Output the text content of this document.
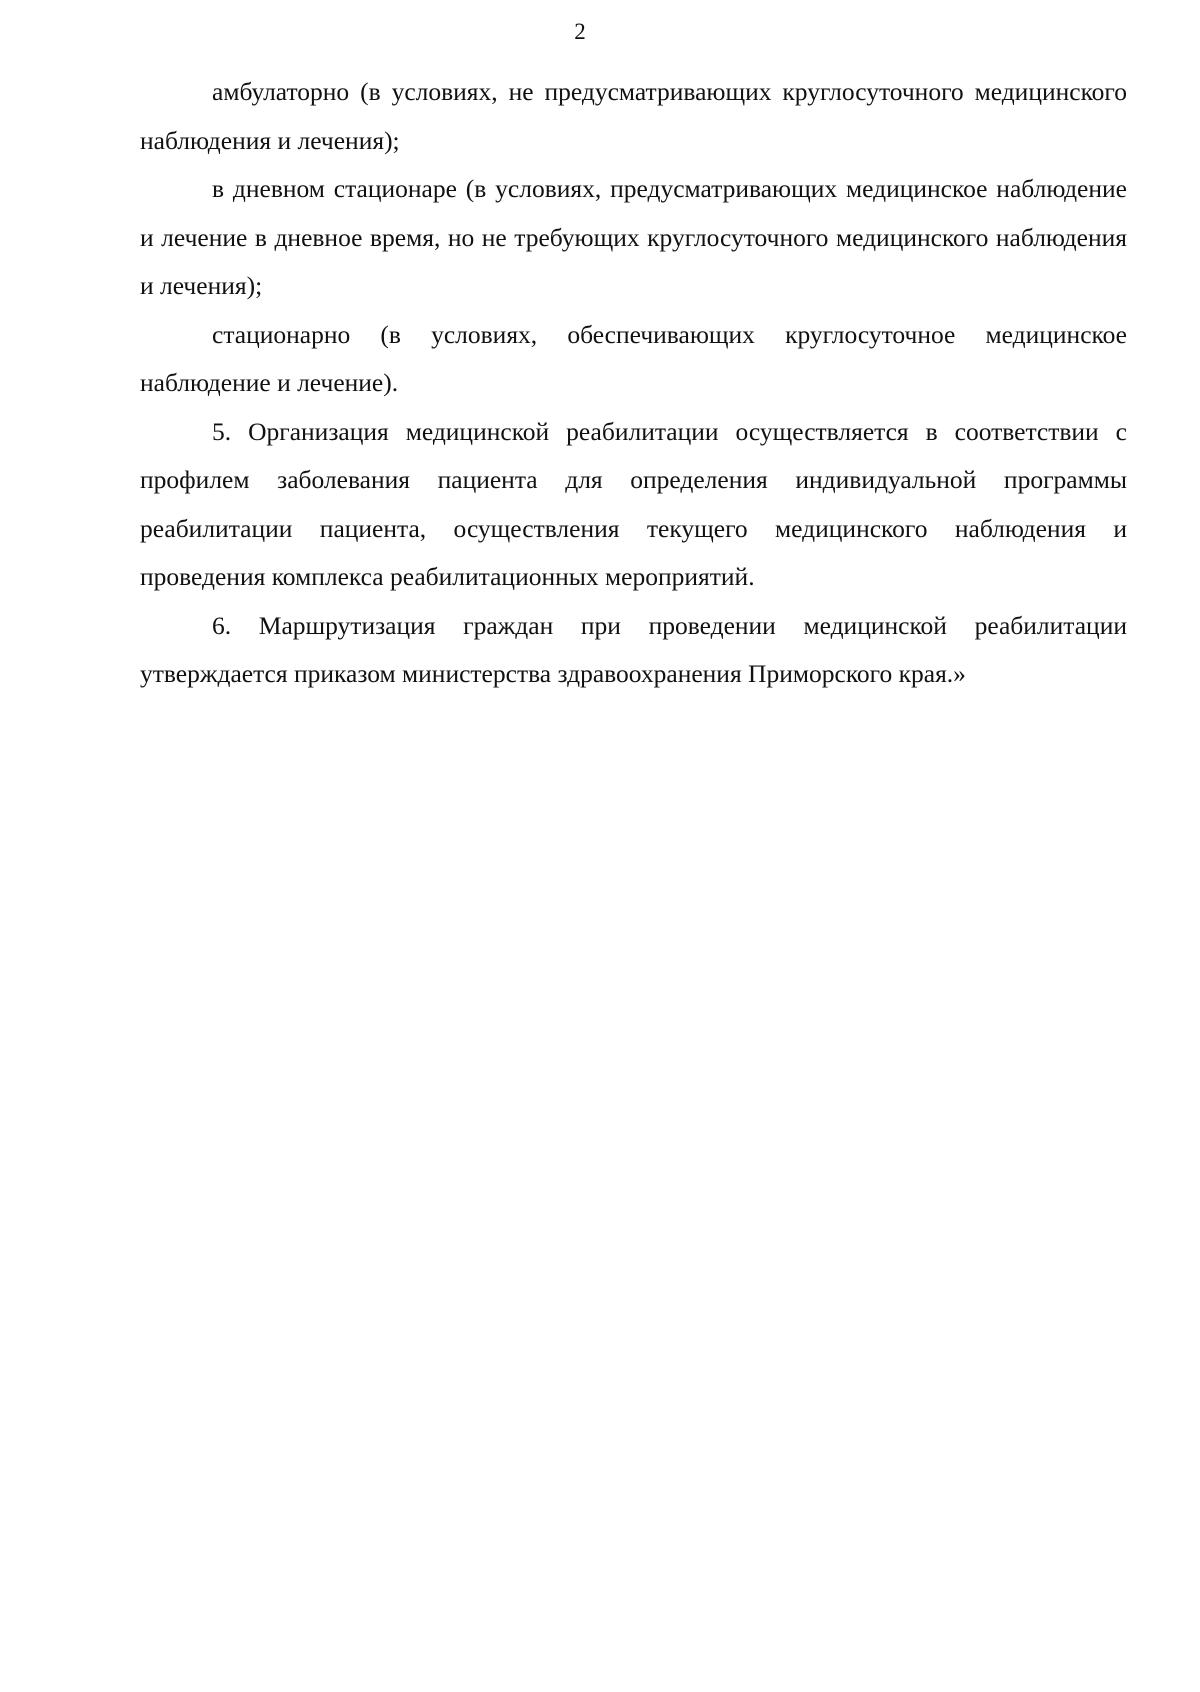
2

амбулаторно (в условиях, не предусматривающих круглосуточного медицинского наблюдения и лечения);

в дневном стационаре (в условиях, предусматривающих медицинское наблюдение и лечение в дневное время, но не требующих круглосуточного медицинского наблюдения и лечения);

стационарно (в условиях, обеспечивающих круглосуточное медицинское наблюдение и лечение).

5. Организация медицинской реабилитации осуществляется в соответствии с профилем заболевания пациента для определения индивидуальной программы реабилитации пациента, осуществления текущего медицинского наблюдения и проведения комплекса реабилитационных мероприятий.

6. Маршрутизация граждан при проведении медицинской реабилитации утверждается приказом министерства здравоохранения Приморского края.»
